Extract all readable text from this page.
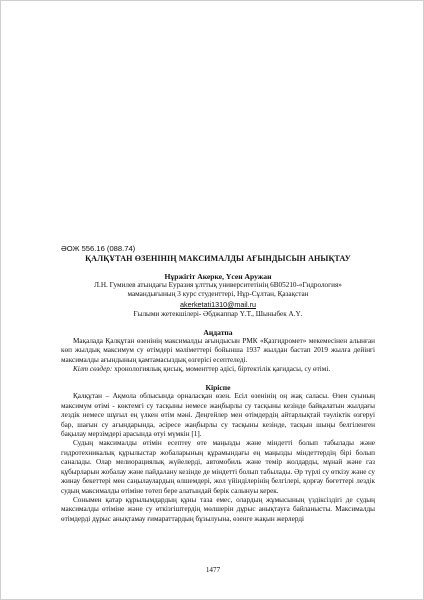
ӘОЖ 556.16 (088.74)
ҚАЛҚҰТАН ӨЗЕНІНІҢ МАКСИМАЛДЫ АҒЫНДЫСЫН АНЫҚТАУ
Нұржігіт Акерке, Үсен Аружан
Л.Н. Гумилев атындағы Еуразия ұлттық университетінің 6В05210-«Гидрология»
мамандығының 3 курс студенттері, Нұр-Сұлтан, Қазақстан
akerketati1310@mail.ru
Ғылыми жетекшілері- Әбджаппар Ү.Т., Шыныбек А.Ү.
Аңдатпа

Мақалада Қалқұтан өзенінің максималды ағындысын РМК «Қазгидромет» мекемесінен алынған көп жылдық максимум су өтімдері мәліметтері бойынша 1937 жылдан бастап 2019 жылға дейінгі максималды ағындының қамтамасыздық өзгерісі есептеледі.

Кілт сөздер: хронологиялық қисық, моменттер әдісі, біртектілік қағидасы, су өтімі.

Кіріспе

Қалқұтан – Ақмола облысында орналасқан өзен. Есіл өзенінің оң жақ саласы. Өзен суының максимум өтімі - көктемгі су тасқыны немесе жаңбырлы су тасқыны кезінде байқалатын жылдағы лездік немесе шұғыл ең үлкен өтім мәні. Деңгейлер мен өтімдердің айтарлықтай тәуліктік өзгеруі бар, шағын су ағындарында, әсіресе жаңбырлы су тасқыны кезінде, тасқын шыңы белгіленген бақылау мерзімдері арасында өтуі мүмкін [1].

Судың максималды өтімін есептеу өте маңызды және міндетті болып табылады және гидротехникалық құрылыстар жобаларының құрамындағы ең маңызды міндеттердің бірі болып саналады. Олар мелиорациялық жүйелерді, автомобиль және темір жолдарды, мұнай және газ құбырларын жобалау және пайдалану кезінде де міндетті болып табылады. Әр түрлі су өткізу және су жинау бекеттері мен саңылаулардың өлшемдері, жол үйінділерінің белгілері, қорғау бөгеттері лездік судың максималды өтіміне төтеп бере алатындай берік салынуы керек.

Сонымен қатар құрылымдардың құны таза емес, олардың жұмысының үздіксіздігі де судың максималды өтіміне және су өткізгіштердің мөлшерін дұрыс анықтауға байланысты. Максималды өтімдерді дұрыс анықтамау ғимараттардың бұзылуына, өзенге жақын жерлерді

1477
